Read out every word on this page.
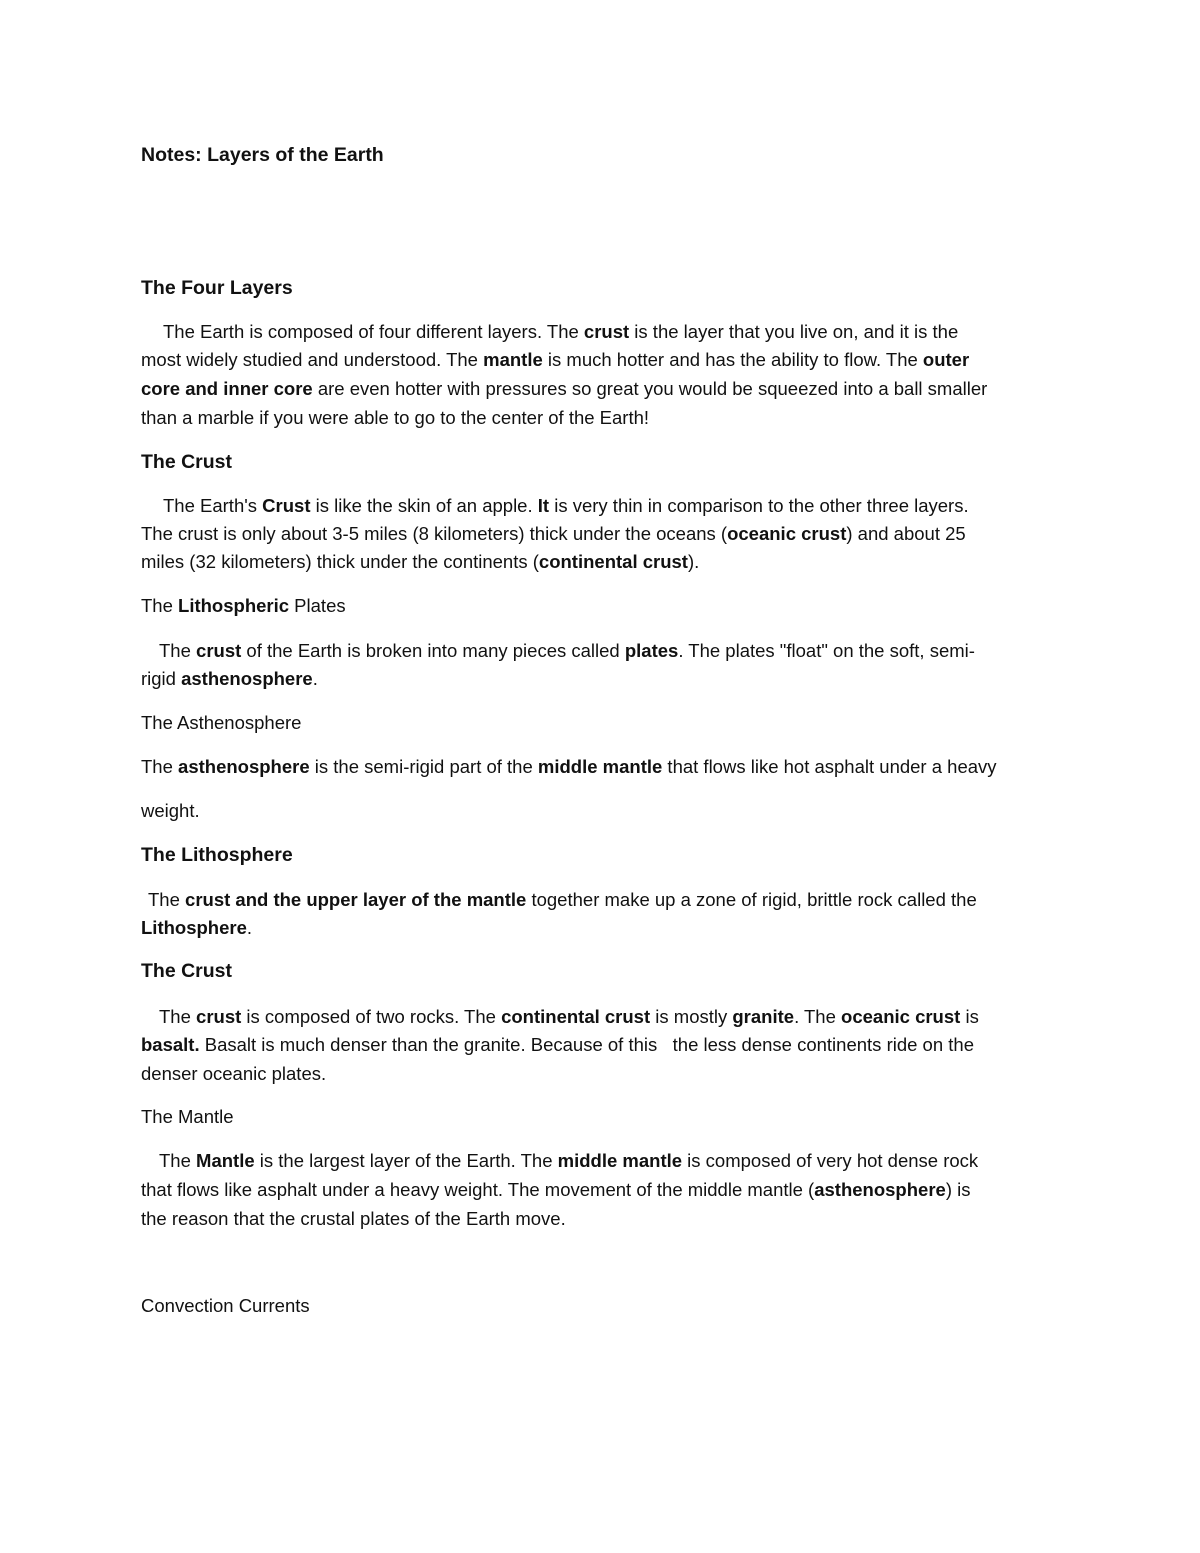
Notes: Layers of the Earth

The Four Layers

The Earth is composed of four different layers. The crust is the layer that you live on, and it is the

most widely studied and understood. The mantle is much hotter and has the ability to flow. The outer

core and inner core are even hotter with pressures so great you would be squeezed into a ball smaller

than a marble if you were able to go to the center of the Earth!

The Crust

The Earth's Crust is like the skin of an apple. It is very thin in comparison to the other three layers.

The crust is only about 3-5 miles (8 kilometers) thick under the oceans (oceanic crust) and about 25

miles (32 kilometers) thick under the continents (continental crust).

The Lithospheric Plates

The crust of the Earth is broken into many pieces called plates. The plates "float" on the soft, semi-

rigid asthenosphere.

The Asthenosphere

The asthenosphere is the semi-rigid part of the middle mantle that flows like hot asphalt under a heavy

weight.

The Lithosphere

The crust and the upper layer of the mantle together make up a zone of rigid, brittle rock called the

Lithosphere.

The Crust

The crust is composed of two rocks. The continental crust is mostly granite. The oceanic crust is

basalt. Basalt is much denser than the granite. Because of this   the less dense continents ride on the

denser oceanic plates.

The Mantle

The Mantle is the largest layer of the Earth. The middle mantle is composed of very hot dense rock

that flows like asphalt under a heavy weight. The movement of the middle mantle (asthenosphere) is

the reason that the crustal plates of the Earth move.

Convection Currents
